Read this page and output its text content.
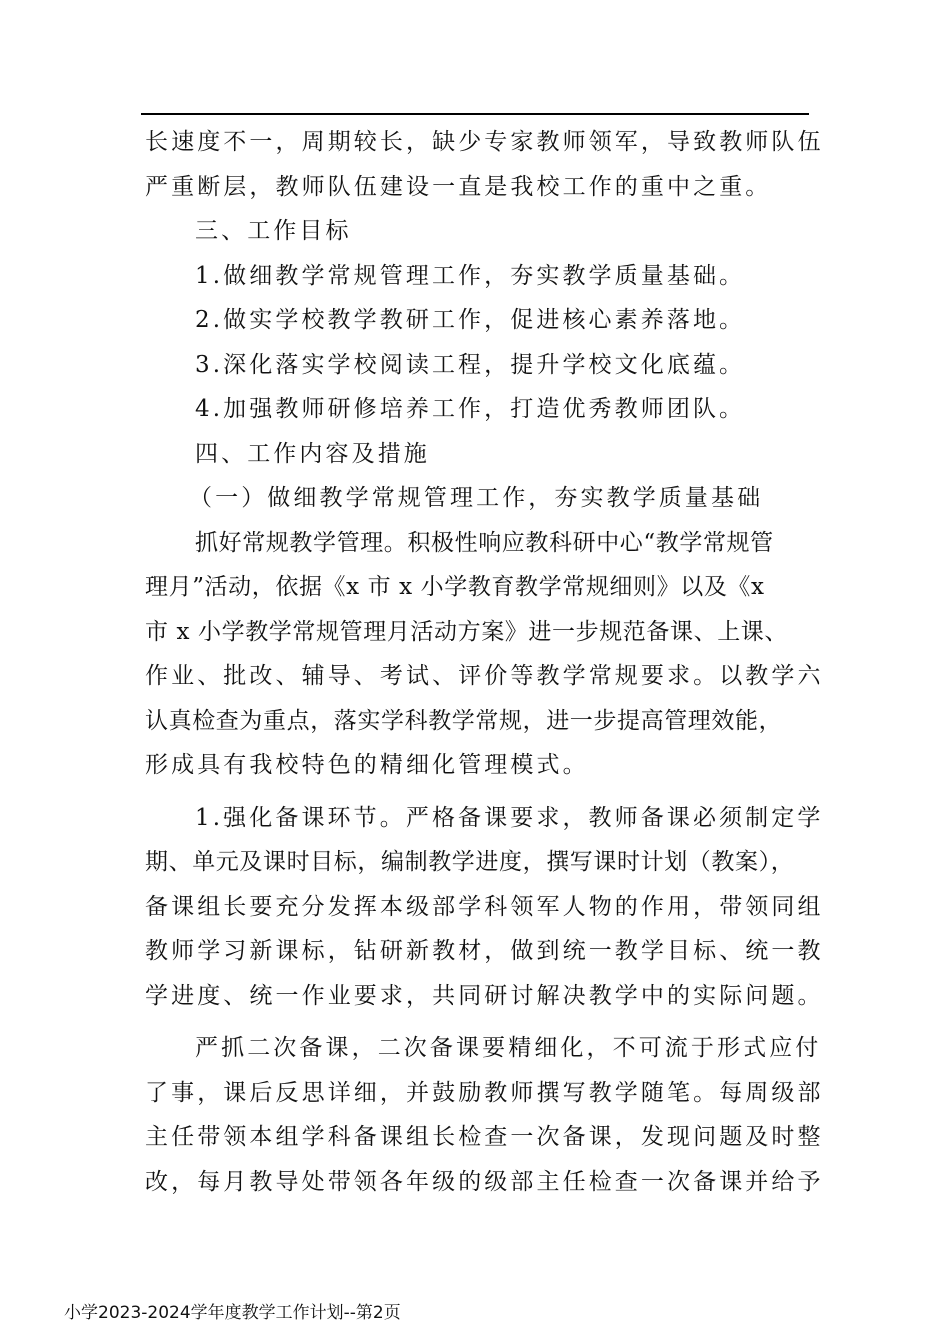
长速度不一，周期较长，缺少专家教师领军，导致教师队伍
严重断层，教师队伍建设一直是我校工作的重中之重。
三、工作目标
1.做细教学常规管理工作，夯实教学质量基础。
2.做实学校教学教研工作，促进核心素养落地。
3.深化落实学校阅读工程，提升学校文化底蕴。
4.加强教师研修培养工作，打造优秀教师团队。
四、工作内容及措施
（一）做细教学常规管理工作，夯实教学质量基础
抓好常规教学管理。积极性响应教科研中心“教学常规管
理月”活动，依据《x 市 x 小学教育教学常规细则》以及《x
市 x 小学教学常规管理月活动方案》进一步规范备课、上课、
作业、批改、辅导、考试、评价等教学常规要求。以教学六
认真检查为重点，落实学科教学常规，进一步提高管理效能，
形成具有我校特色的精细化管理模式。
1.强化备课环节。严格备课要求，教师备课必须制定学
期、单元及课时目标，编制教学进度，撰写课时计划（教案），
备课组长要充分发挥本级部学科领军人物的作用，带领同组
教师学习新课标，钻研新教材，做到统一教学目标、统一教
学进度、统一作业要求，共同研讨解决教学中的实际问题。
严抓二次备课，二次备课要精细化，不可流于形式应付
了事，课后反思详细，并鼓励教师撰写教学随笔。每周级部
主任带领本组学科备课组长检查一次备课，发现问题及时整
改，每月教导处带领各年级的级部主任检查一次备课并给予
小学2023-2024学年度教学工作计划--第2页
